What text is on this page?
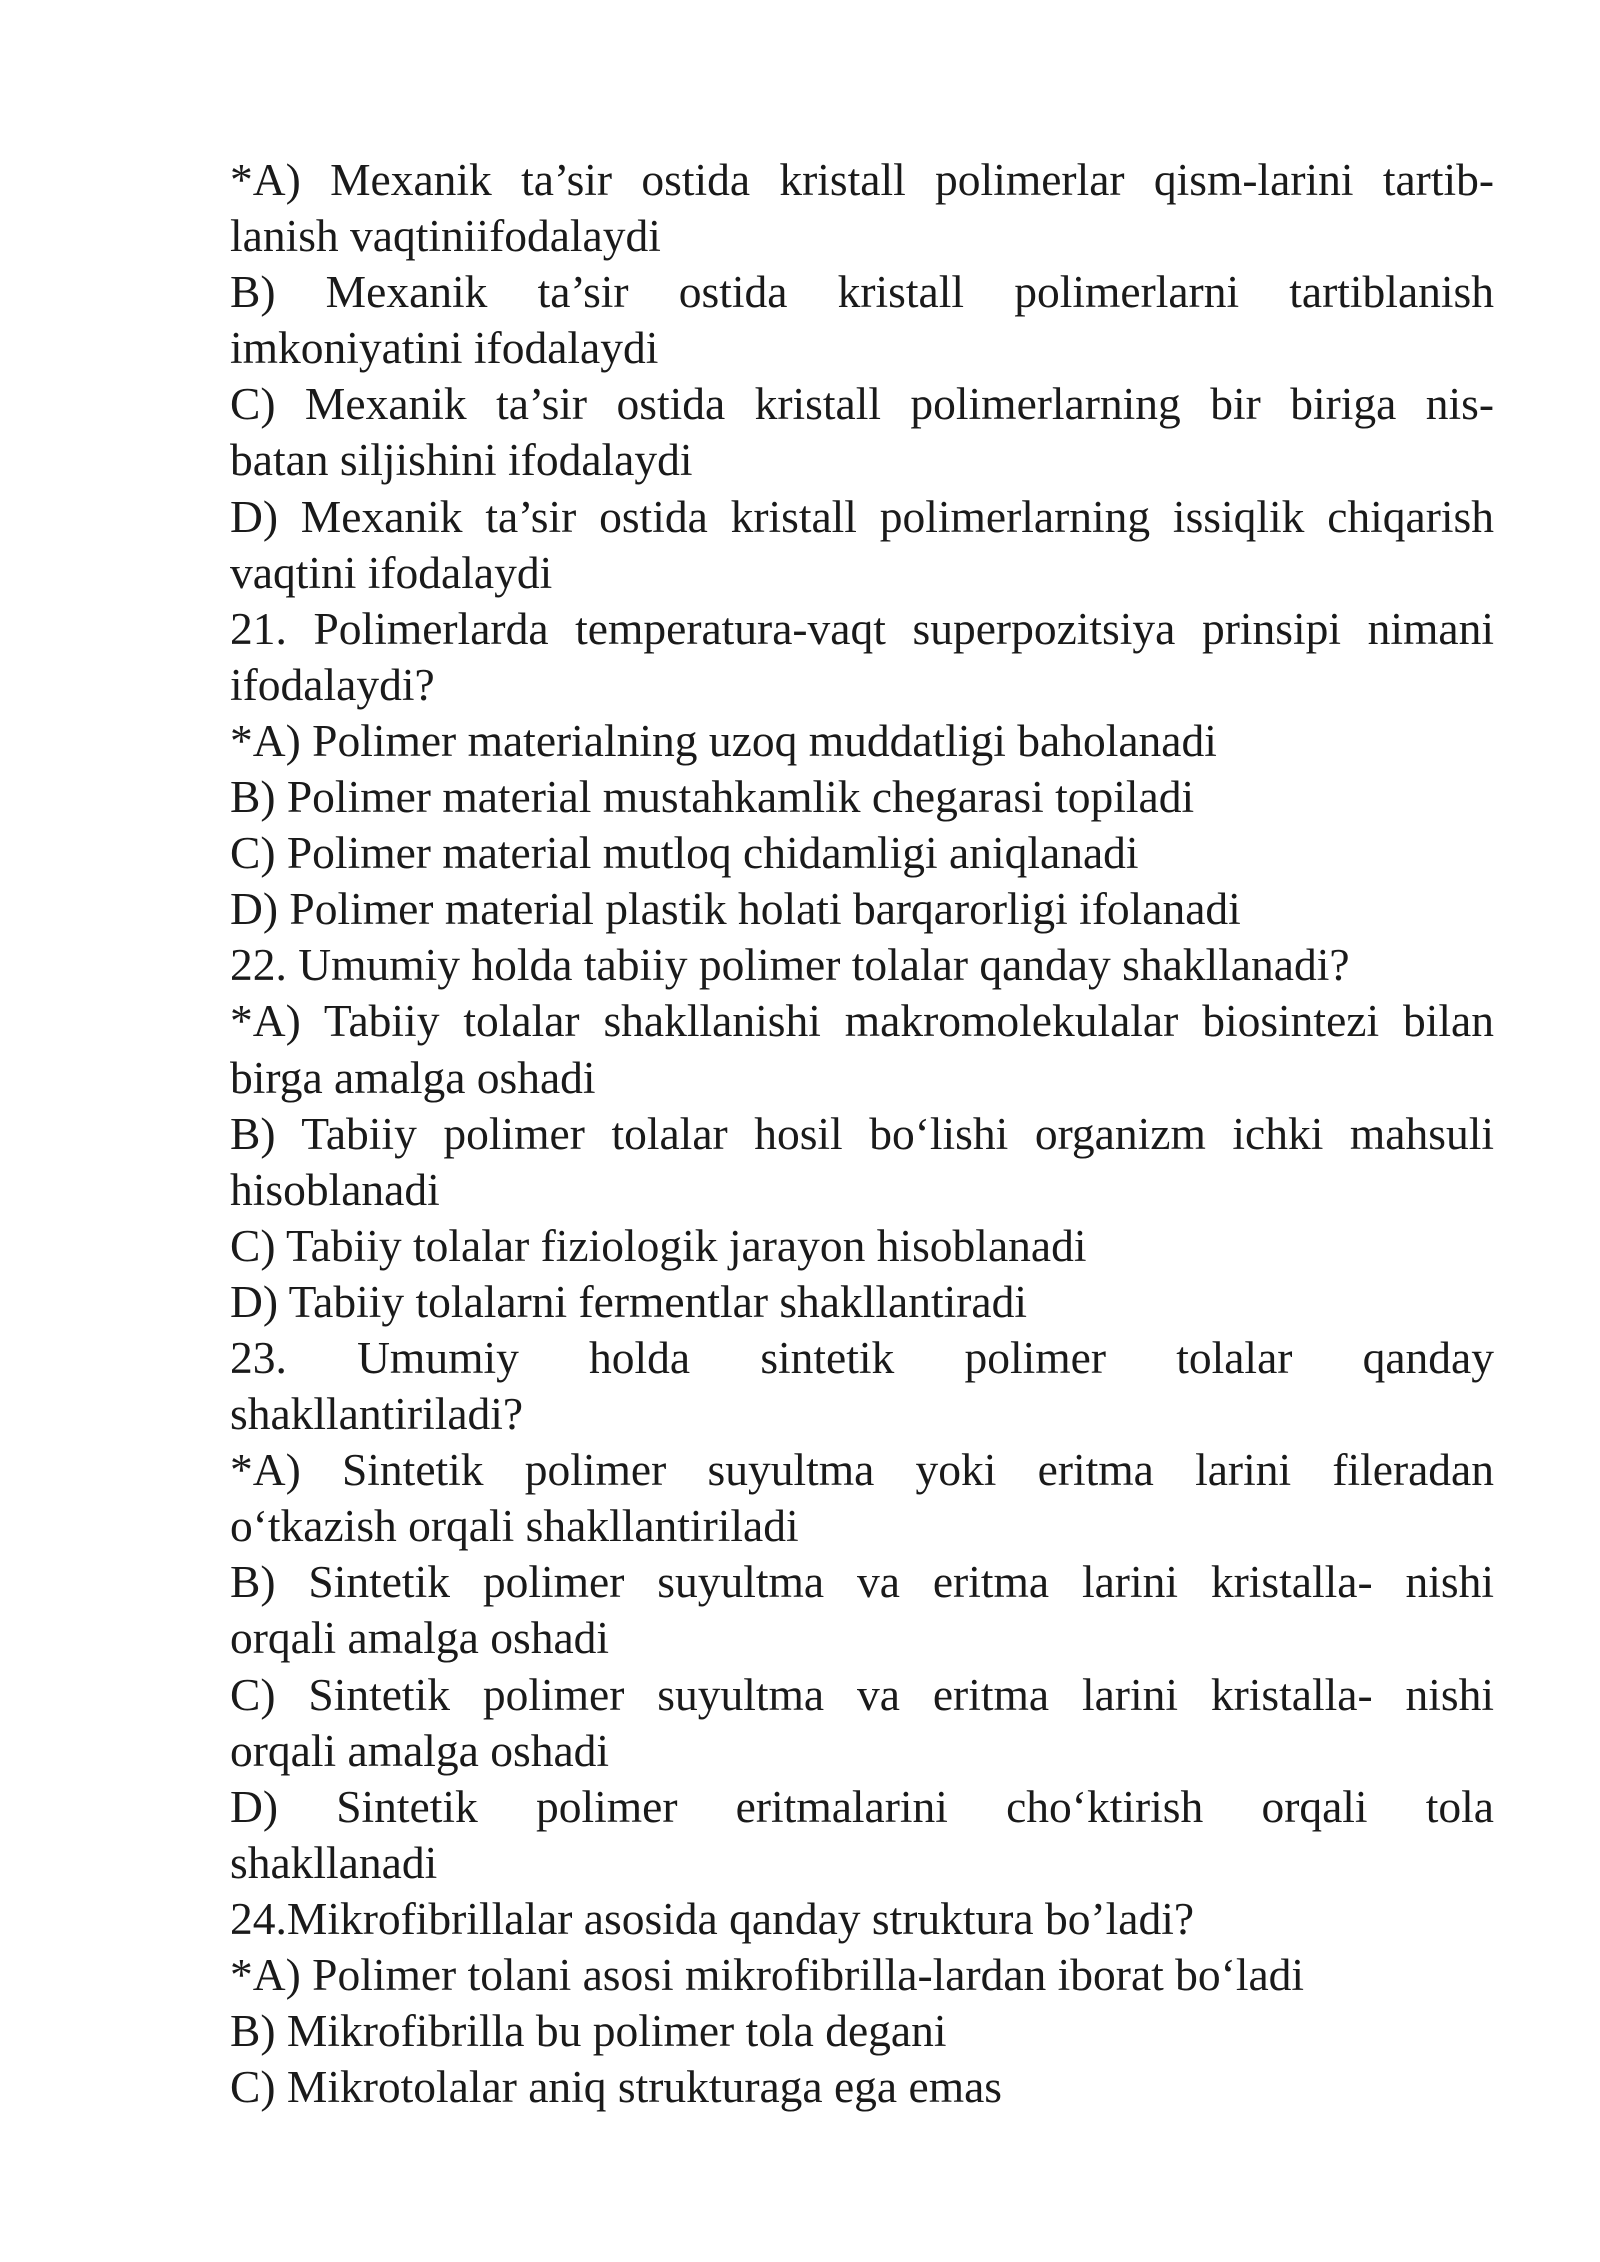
*A) Mexanik ta’sir ostida kristall polimerlar qism-larini tartib-
lanish vaqtiniifodalaydi
B) Mexanik ta’sir ostida kristall polimerlarni tartiblanish
imkoniyatini ifodalaydi
C) Mexanik ta’sir ostida kristall polimerlarning bir biriga nis-
batan siljishini ifodalaydi
D) Mexanik ta’sir ostida kristall polimerlarning issiqlik chiqarish
vaqtini ifodalaydi
21. Polimerlarda temperatura-vaqt superpozitsiya prinsipi nimani
ifodalaydi?
*A) Polimer materialning uzoq muddatligi baholanadi
B) Polimer material mustahkamlik chegarasi topiladi
C) Polimer material mutloq chidamligi aniqlanadi
D) Polimer material plastik holati barqarorligi ifolanadi
22. Umumiy holda tabiiy polimer tolalar qanday shakllanadi?
*A) Tabiiy tolalar shakllanishi makromolekulalar biosintezi bilan
birga amalga oshadi
B) Tabiiy polimer tolalar hosil bo‘lishi organizm ichki mahsuli
hisoblanadi
C) Tabiiy tolalar fiziologik jarayon hisoblanadi
D) Tabiiy tolalarni fermentlar shakllantiradi
23. Umumiy holda sintetik polimer tolalar qanday
shakllantiriladi?
*A) Sintetik polimer suyultma yoki eritma larini fileradan
o‘tkazish orqali shakllantiriladi
B) Sintetik polimer suyultma va eritma larini kristalla- nishi
orqali amalga oshadi
C) Sintetik polimer suyultma va eritma larini kristalla- nishi
orqali amalga oshadi
D) Sintetik polimer eritmalarini cho‘ktirish orqali tola
shakllanadi
24.Mikrofibrillalar asosida qanday struktura bo’ladi?
*A) Polimer tolani asosi mikrofibrilla-lardan iborat bo‘ladi
B) Mikrofibrilla bu polimer tola degani
C) Mikrotolalar aniq strukturaga ega emas
